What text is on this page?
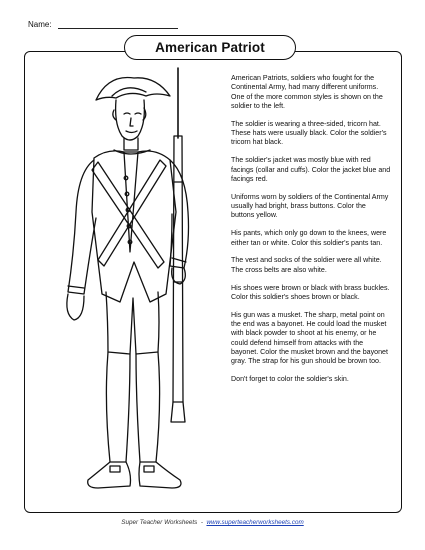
Name:
American Patriot

American Patriots, soldiers who fought for the Continental Army, had many different uniforms. One of the more common styles is shown on the soldier to the left.

The soldier is wearing a three-sided, tricorn hat. These hats were usually black. Color the soldier's tricorn hat black.

The soldier's jacket was mostly blue with red facings (collar and cuffs). Color the jacket blue and facings red.

Uniforms worn by soldiers of the Continental Army usually had bright, brass buttons. Color the buttons yellow.

His pants, which only go down to the knees, were either tan or white. Color this soldier's pants tan.

The vest and socks of the soldier were all white. The cross belts are also white.

His shoes were brown or black with brass buckles. Color this soldier's shoes brown or black.

His gun was a musket. The sharp, metal point on the end was a bayonet. He could load the musket with black powder to shoot at his enemy, or he could defend himself from attacks with the bayonet. Color the musket brown and the bayonet gray. The strap for his gun should be brown too.

Don't forget to color the soldier's skin.

Super Teacher Worksheets - www.superteacherworksheets.com
